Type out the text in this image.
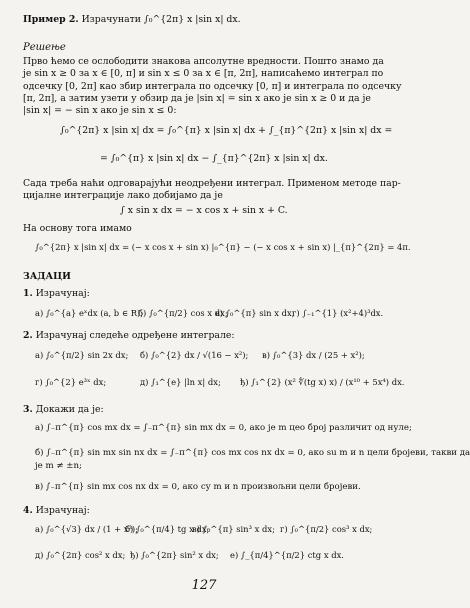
Пример 2. Израчунати ∫₀^{2π} x |sin x| dx.
Решење
Прво ћемо се ослободити знакова апсолутне вредности. Пошто знамо да
је sin x ≥ 0 за x ∈ [0, π] и sin x ≤ 0 за x ∈ [π, 2π], написаћемо интеграл по
одсечку [0, 2π] као збир интеграла по одсечку [0, π] и интеграла по одсечку
[π, 2π], а затим узети у обзир да је |sin x| = sin x ако је sin x ≥ 0 и да је
|sin x| = − sin x ако је sin x ≤ 0:
∫₀^{2π} x |sin x| dx = ∫₀^{π} x |sin x| dx + ∫_{π}^{2π} x |sin x| dx =
= ∫₀^{π} x |sin x| dx − ∫_{π}^{2π} x |sin x| dx.
Сада треба наћи одговарајући неодређени интеграл. Применом методе пар-
цијалне интеграције лако добијамо да је
∫ x sin x dx = − x cos x + sin x + C.
На основу тога имамо
∫₀^{2π} x |sin x| dx = (− x cos x + sin x) |₀^{π} − (− x cos x + sin x) |_{π}^{2π} = 4π.
ЗАДАЦИ
1. Израчунај:
а) ∫₀^{a} eˣdx (a, b ∈ R);
б) ∫₀^{π/2} cos x dx;
в) ∫₀^{π} sin x dx;
г) ∫₋₁^{1} (x²+4)³dx.
2. Израчунај следеће одређене интеграле:
а) ∫₀^{π/2} sin 2x dx; б) ∫₀^{2} dx / √(16 − x²); в) ∫₀^{3} dx / (25 + x²);
г) ∫₀^{2} e³ˣ dx;	д) ∫₁^{e} |ln x| dx; ђ) ∫₁^{2} (x² ∜(tg x) x) / (x¹⁰ + 5x⁴) dx.
3. Докажи да је:
а) ∫₋π^{π} cos mx dx = ∫₋π^{π} sin mx dx = 0, ако је m цео број различит од нуле;
б) ∫₋π^{π} sin mx sin nx dx = ∫₋π^{π} cos mx cos nx dx = 0, ако su m и n цели бројеви, такви да
је m ≠ ±n;
в) ∫₋π^{π} sin mx cos nx dx = 0, ако су m и n произвољни цели бројеви.
4. Израчунај:
а) ∫₀^{√3} dx / (1 + x²);
б) ∫₀^{π/4} tg x dx;
в) ∫₀^{π} sin³ x dx; г) ∫₀^{π/2} cos³ x dx;
д) ∫₀^{2π} cos² x dx; ђ) ∫₀^{2π} sin² x dx; е) ∫_{π/4}^{π/2} ctg x dx.
127
